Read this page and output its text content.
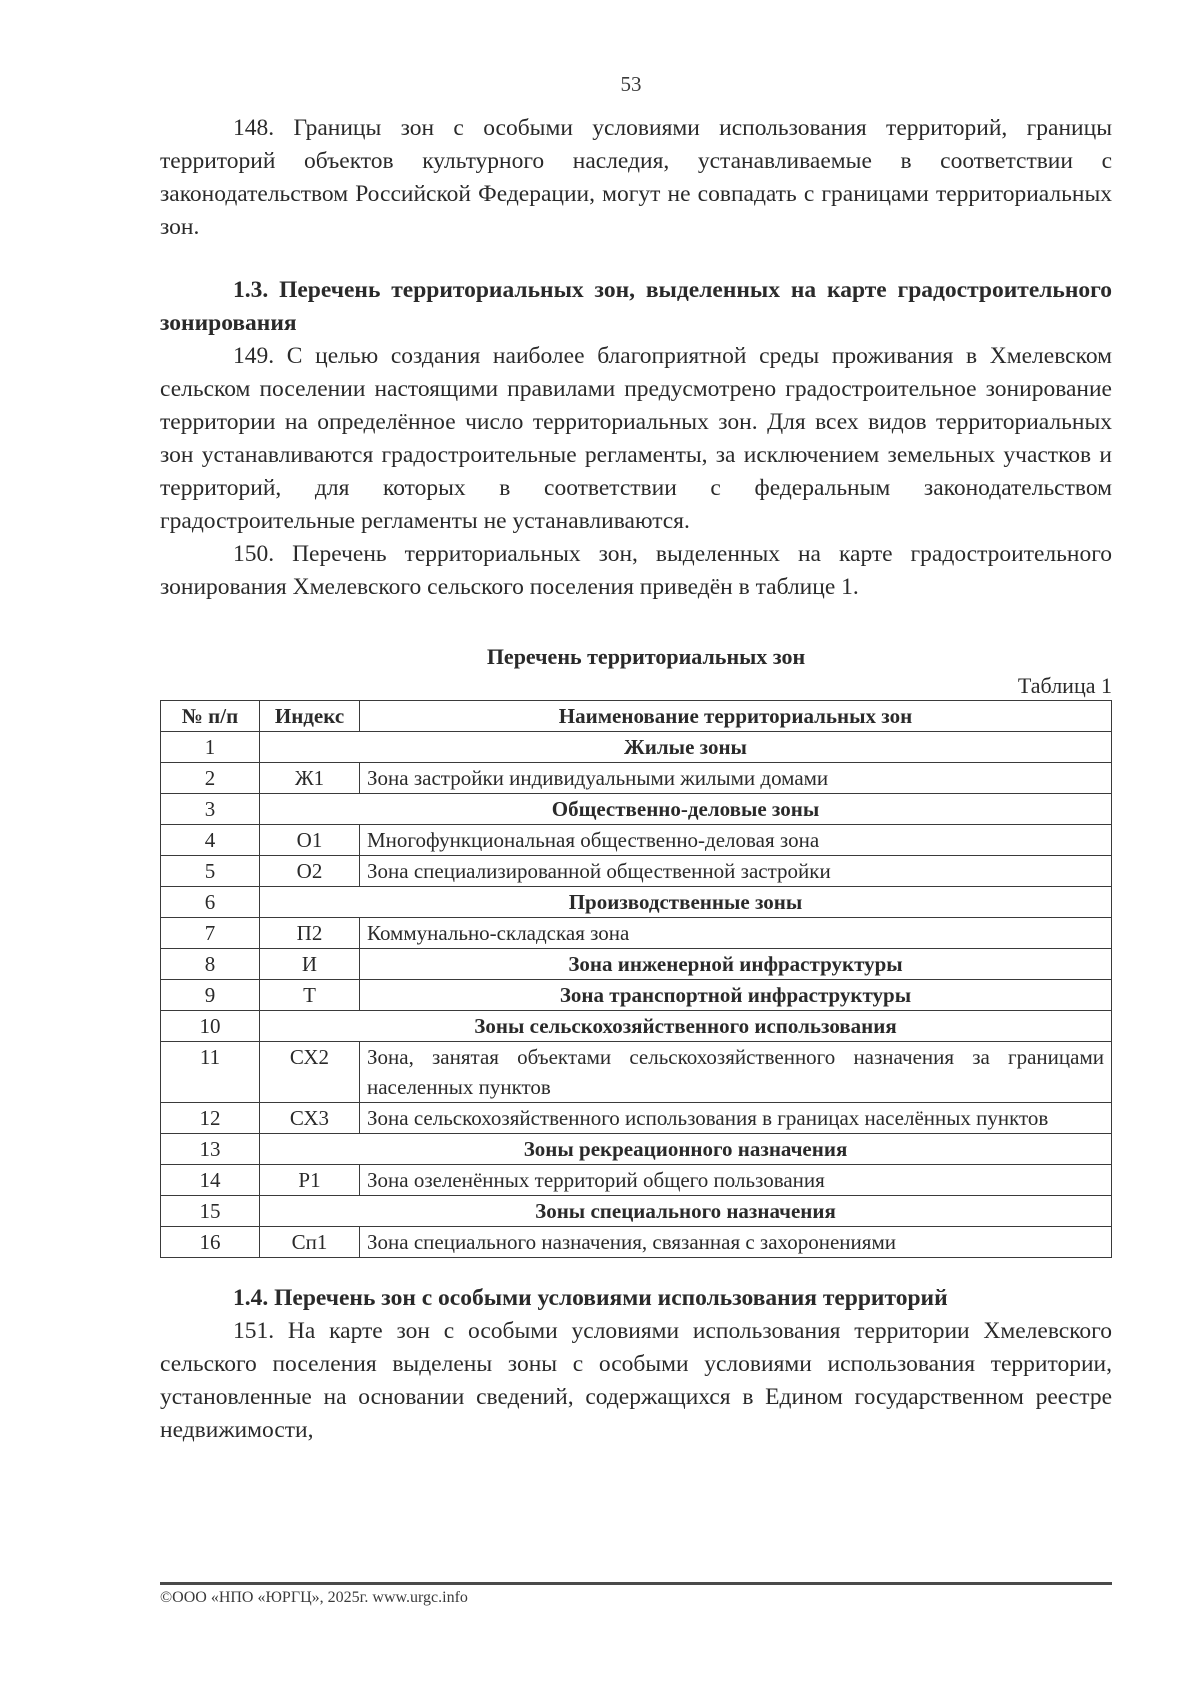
53

148. Границы зон с особыми условиями использования территорий, границы территорий объектов культурного наследия, устанавливаемые в соответствии с законодательством Российской Федерации, могут не совпадать с границами территориальных зон.

1.3. Перечень территориальных зон, выделенных на карте градостроительного зонирования

149. С целью создания наиболее благоприятной среды проживания в Хмелевском сельском поселении настоящими правилами предусмотрено градостроительное зонирование территории на определённое число территориальных зон. Для всех видов территориальных зон устанавливаются градостроительные регламенты, за исключением земельных участков и территорий, для которых в соответствии с федеральным законодательством градостроительные регламенты не устанавливаются.

150. Перечень территориальных зон, выделенных на карте градостроительного зонирования Хмелевского сельского поселения приведён в таблице 1.

Перечень территориальных зон
Таблица 1
№ п/п	Индекс	Наименование территориальных зон
1	Жилые зоны	
2	Ж1	Зона застройки индивидуальными жилыми домами
3	Общественно-деловые зоны	
4	О1	Многофункциональная общественно-деловая зона
5	О2	Зона специализированной общественной застройки
6	Производственные зоны	
7	П2	Коммунально-складская зона
8	И	Зона инженерной инфраструктуры
9	Т	Зона транспортной инфраструктуры
10	Зоны сельскохозяйственного использования	
11	СХ2	Зона, занятая объектами сельскохозяйственного назначения за границами населенных пунктов
12	СХ3	Зона сельскохозяйственного использования в границах населённых пунктов
13	Зоны рекреационного назначения	
14	Р1	Зона озеленённых территорий общего пользования
15	Зоны специального назначения	
16	Сп1	Зона специального назначения, связанная с захоронениями
1.4. Перечень зон с особыми условиями использования территорий

151. На карте зон с особыми условиями использования территории Хмелевского сельского поселения выделены зоны с особыми условиями использования территории, установленные на основании сведений, содержащихся в Едином государственном реестре недвижимости,

©ООО «НПО «ЮРГЦ», 2025г. www.urgc.info
